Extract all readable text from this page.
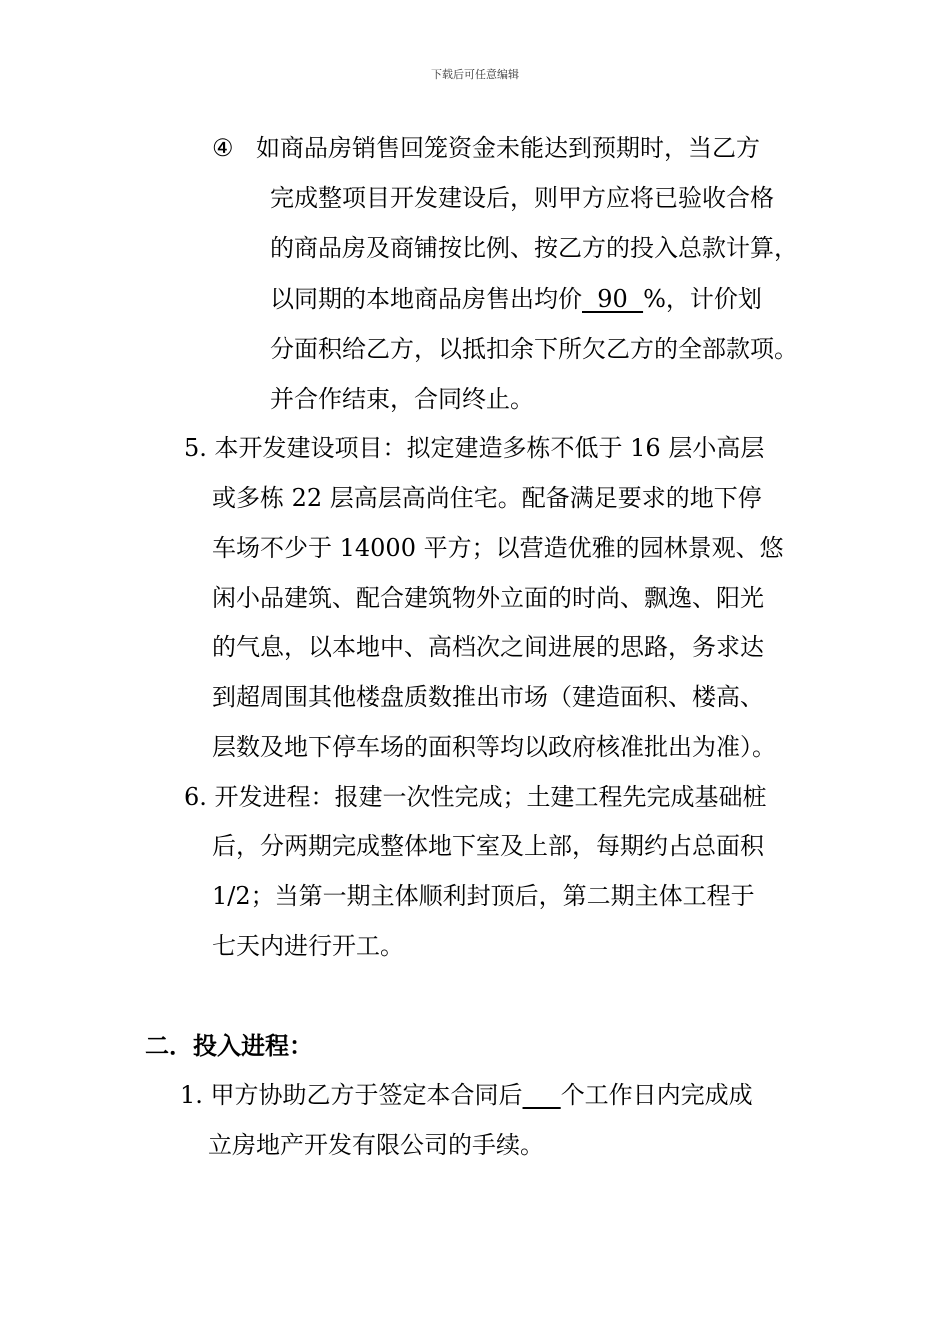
下载后可任意编辑
④ 如商品房销售回笼资金未能达到预期时，当乙方
完成整项目开发建设后，则甲方应将已验收合格
的商品房及商铺按比例、按乙方的投入总款计算，
以同期的本地商品房售出均价  90  %，计价划
分面积给乙方，以抵扣余下所欠乙方的全部款项。
并合作结束，合同终止。
5. 本开发建设项目：拟定建造多栋不低于 16 层小高层
或多栋 22 层高层高尚住宅。配备满足要求的地下停
车场不少于 14000 平方；以营造优雅的园林景观、悠
闲小品建筑、配合建筑物外立面的时尚、飘逸、阳光
的气息，以本地中、高档次之间进展的思路，务求达
到超周围其他楼盘质数推出市场（建造面积、楼高、
层数及地下停车场的面积等均以政府核准批出为准）。
6. 开发进程：报建一次性完成；土建工程先完成基础桩
后，分两期完成整体地下室及上部，每期约占总面积
1/2；当第一期主体顺利封顶后，第二期主体工程于
七天内进行开工。
二．投入进程：
1. 甲方协助乙方于签定本合同后 个工作日内完成成
立房地产开发有限公司的手续。
